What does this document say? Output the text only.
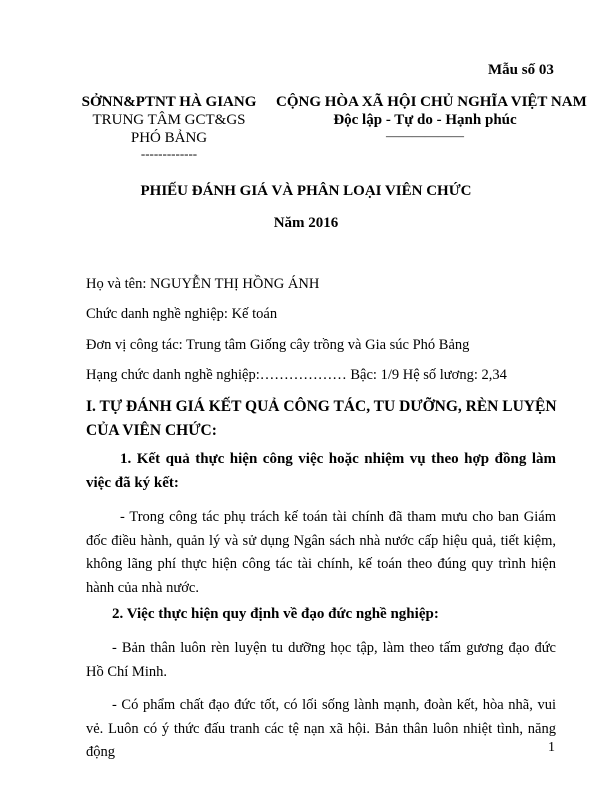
Mẫu số 03
SỞNN&PTNT HÀ GIANG
TRUNG TÂM GCT&GS
PHÓ BẢNG
-------------
CỘNG HÒA XÃ HỘI CHỦ NGHĨA VIỆT NAM
Độc lập - Tự do - Hạnh phúc
——————
PHIẾU ĐÁNH GIÁ VÀ PHÂN LOẠI VIÊN CHỨC
Năm 2016
Họ và tên: NGUYỄN THỊ HỒNG ÁNH
Chức danh nghề nghiệp: Kế toán
Đơn vị công tác: Trung tâm Giống cây trồng và Gia súc Phó Bảng
Hạng chức danh nghề nghiệp:……………… Bậc: 1/9 Hệ số lương: 2,34
I. TỰ ĐÁNH GIÁ KẾT QUẢ CÔNG TÁC, TU DƯỠNG, RÈN LUYỆN CỦA VIÊN CHỨC:
1. Kết quả thực hiện công việc hoặc nhiệm vụ theo hợp đồng làm việc đã ký kết:
- Trong công tác phụ trách kế toán tài chính đã tham mưu cho ban Giám đốc điều hành, quản lý và sử dụng Ngân sách nhà nước cấp hiệu quả, tiết kiệm, không lãng phí thực hiện công tác tài chính, kế toán theo đúng quy trình hiện hành của nhà nước.
2. Việc thực hiện quy định về đạo đức nghề nghiệp:
- Bản thân luôn rèn luyện tu dưỡng học tập, làm theo tấm gương đạo đức Hồ Chí Minh.
- Có phẩm chất đạo đức tốt, có lối sống lành mạnh, đoàn kết, hòa nhã, vui vẻ. Luôn có ý thức đấu tranh các tệ nạn xã hội. Bản thân luôn nhiệt tình, năng động	1
